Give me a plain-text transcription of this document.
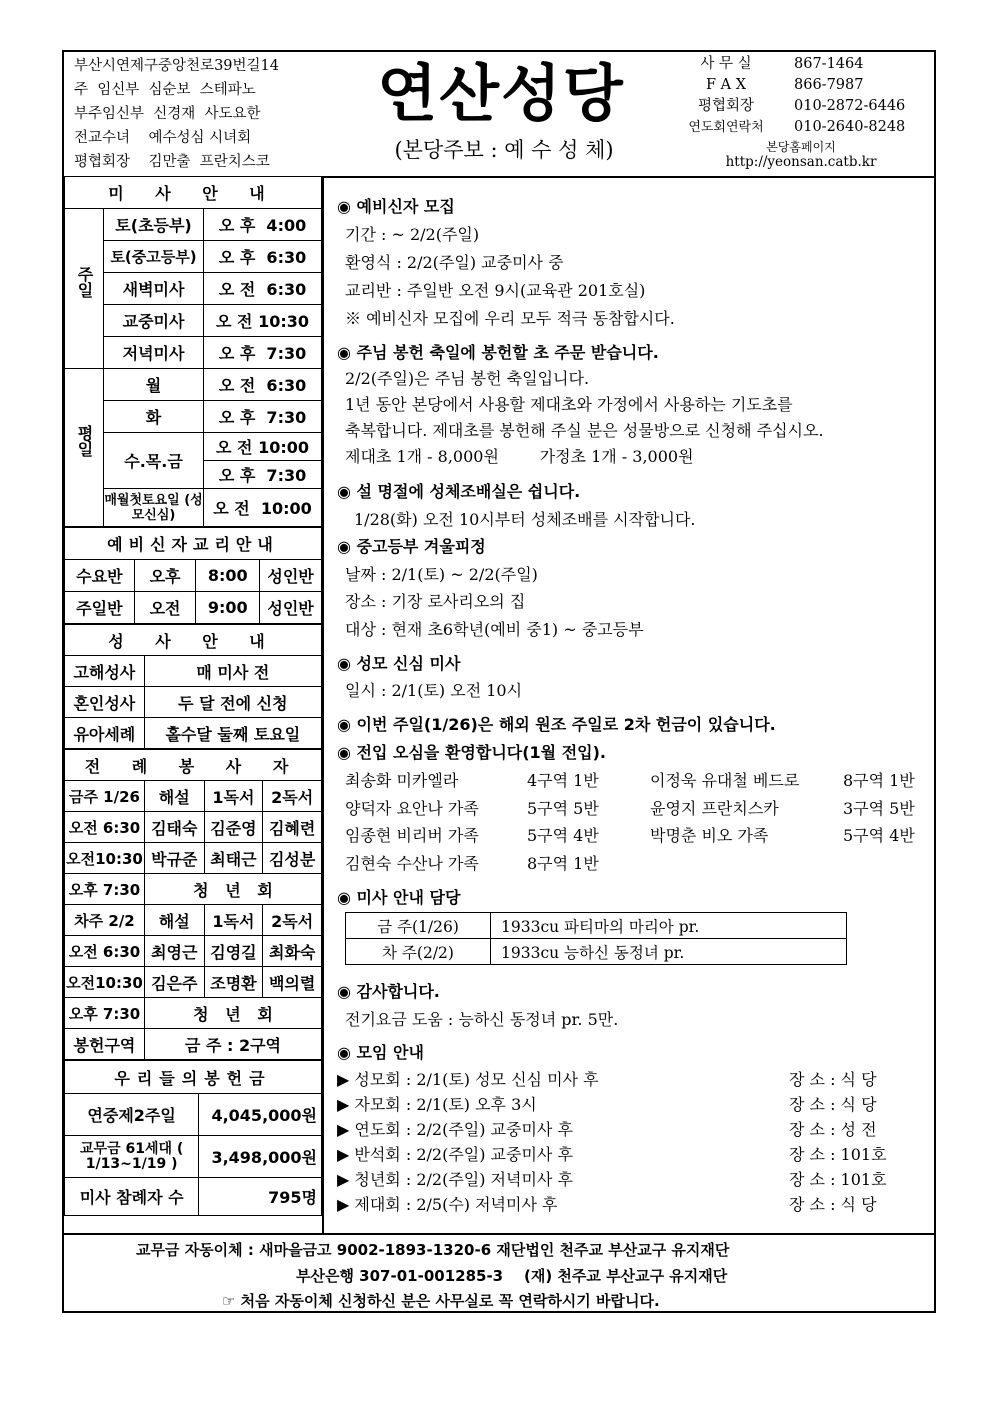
부산시연제구중앙천로39번길14
주  임신부  심순보  스테파노
부주임신부  신경재  사도요한
전교수녀    예수성심 시녀회
평협회장    김만출  프란치스코
연산성당
(본당주보 : 예 수 성 체)
사 무 실	867-1464
F A X	866-7987
평협회장	010-2872-6446
연도회연락처	010-2640-8248
본당홈페이지
http://yeonsan.catb.kr
미 사 안 내		
주일	토(초등부)	오 후  4:00
	토(중고등부)	오 후  6:30
	새벽미사	오 전  6:30
	교중미사	오 전 10:30
	저녁미사	오 후  7:30
평일	월	오 전  6:30
	화	오 후  7:30
	수.목.금	오 전 10:00
		오 후  7:30
	매월첫토요일 (성모신심)	오 전  10:00
예비신자교리안내			
수요반	오후	8:00	성인반
주일반	오전	9:00	성인반
성 사 안 내	
고해성사	매 미사 전
혼인성사	두 달 전에 신청
유아세례	홀수달 둘째 토요일
전 례 봉 사 자			
금주 1/26	해설	1독서	2독서
오전 6:30	김태숙	김준영	김혜련
오전10:30	박규준	최태근	김성분
오후 7:30	청   년   회		
차주 2/2	해설	1독서	2독서
오전 6:30	최영근	김영길	최화숙
오전10:30	김은주	조명환	백의렬
오후 7:30	청   년   회		
봉헌구역	금 주 : 2구역		
우리들의봉헌금	
연중제2주일	4,045,000원
교무금 61세대 ( 1/13~1/19 )	3,498,000원
미사 참례자 수	795명
◉ 예비신자 모집
기간 : ~ 2/2(주일)
환영식 : 2/2(주일) 교중미사 중
교리반 : 주일반 오전 9시(교육관 201호실)
※ 예비신자 모집에 우리 모두 적극 동참합시다.
◉ 주님 봉헌 축일에 봉헌할 초 주문 받습니다.
2/2(주일)은 주님 봉헌 축일입니다.
1년 동안 본당에서 사용할 제대초와 가정에서 사용하는 기도초를
축복합니다. 제대초를 봉헌해 주실 분은 성물방으로 신청해 주십시오.
제대초 1개 - 8,000원        가정초 1개 - 3,000원
◉ 설 명절에 성체조배실은 쉽니다.
1/28(화) 오전 10시부터 성체조배를 시작합니다.
◉ 중고등부 겨울피정
날짜 : 2/1(토) ~ 2/2(주일)
장소 : 기장 로사리오의 집
대상 : 현재 초6학년(예비 중1) ~ 중고등부
◉ 성모 신심 미사
일시 : 2/1(토) 오전 10시
◉ 이번 주일(1/26)은 해외 원조 주일로 2차 헌금이 있습니다.
◉ 전입 오심을 환영합니다(1월 전입).
최송화 미카엘라	4구역 1반	이정욱 유대철 베드로	8구역 1반
양덕자 요안나 가족	5구역 5반	윤영지 프란치스카	3구역 5반
임종현 비리버 가족	5구역 4반	박명춘 비오 가족	5구역 4반
김현숙 수산나 가족	8구역 1반
◉ 미사 안내 담당
금 주(1/26)	1933cu 파티마의 마리아 pr.
차 주(2/2)	1933cu 능하신 동정녀 pr.
◉ 감사합니다.
전기요금 도움 : 능하신 동정녀 pr. 5만.
◉ 모임 안내
▶ 성모회 : 2/1(토) 성모 신심 미사 후	장 소 : 식 당
▶ 자모회 : 2/1(토) 오후 3시	장 소 : 식 당
▶ 연도회 : 2/2(주일) 교중미사 후	장 소 : 성 전
▶ 반석회 : 2/2(주일) 교중미사 후	장 소 : 101호
▶ 청년회 : 2/2(주일) 저녁미사 후	장 소 : 101호
▶ 제대회 : 2/5(수) 저녁미사 후	장 소 : 식 당
교무금 자동이체 : 새마을금고 9002-1893-1320-6 재단법인 천주교 부산교구 유지재단
부산은행 307-01-001285-3    (재) 천주교 부산교구 유지재단
☞ 처음 자동이체 신청하신 분은 사무실로 꼭 연락하시기 바랍니다.
